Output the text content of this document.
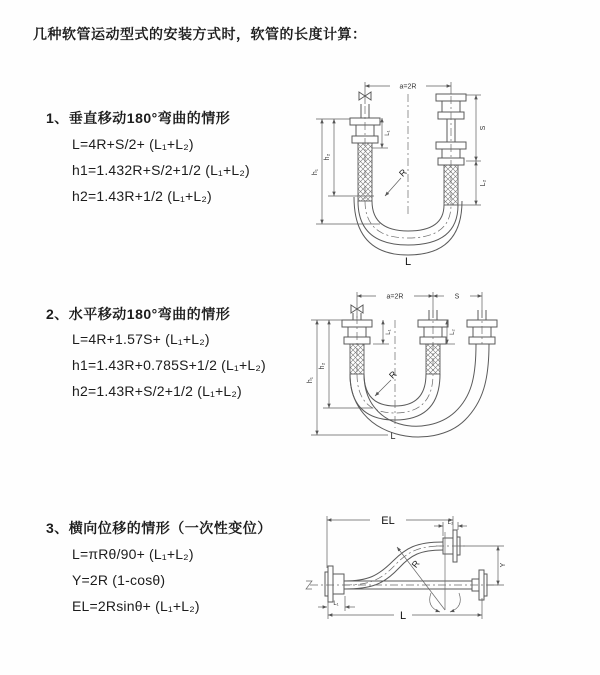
几种软管运动型式的安装方式时，软管的长度计算：
1、垂直移动180°弯曲的情形
L=4R+S/2+ (L₁+L₂)
h1=1.432R+S/2+1/2 (L₁+L₂)
h2=1.43R+1/2 (L₁+L₂)
2、水平移动180°弯曲的情形
L=4R+1.57S+ (L₁+L₂)
h1=1.43R+0.785S+1/2 (L₁+L₂)
h2=1.43R+S/2+1/2 (L₁+L₂)
3、横向位移的情形（一次性变位）
L=πRθ/90+ (L₁+L₂)
Y=2R (1-cosθ)
EL=2Rsinθ+ (L₁+L₂)
a=2R
S
L₂
h₁
h₂
L₁
R
L
a=2R	S
h₁
h₂
L₁	L₂
R
L
EL	L₂
Y
L
L₁
R
